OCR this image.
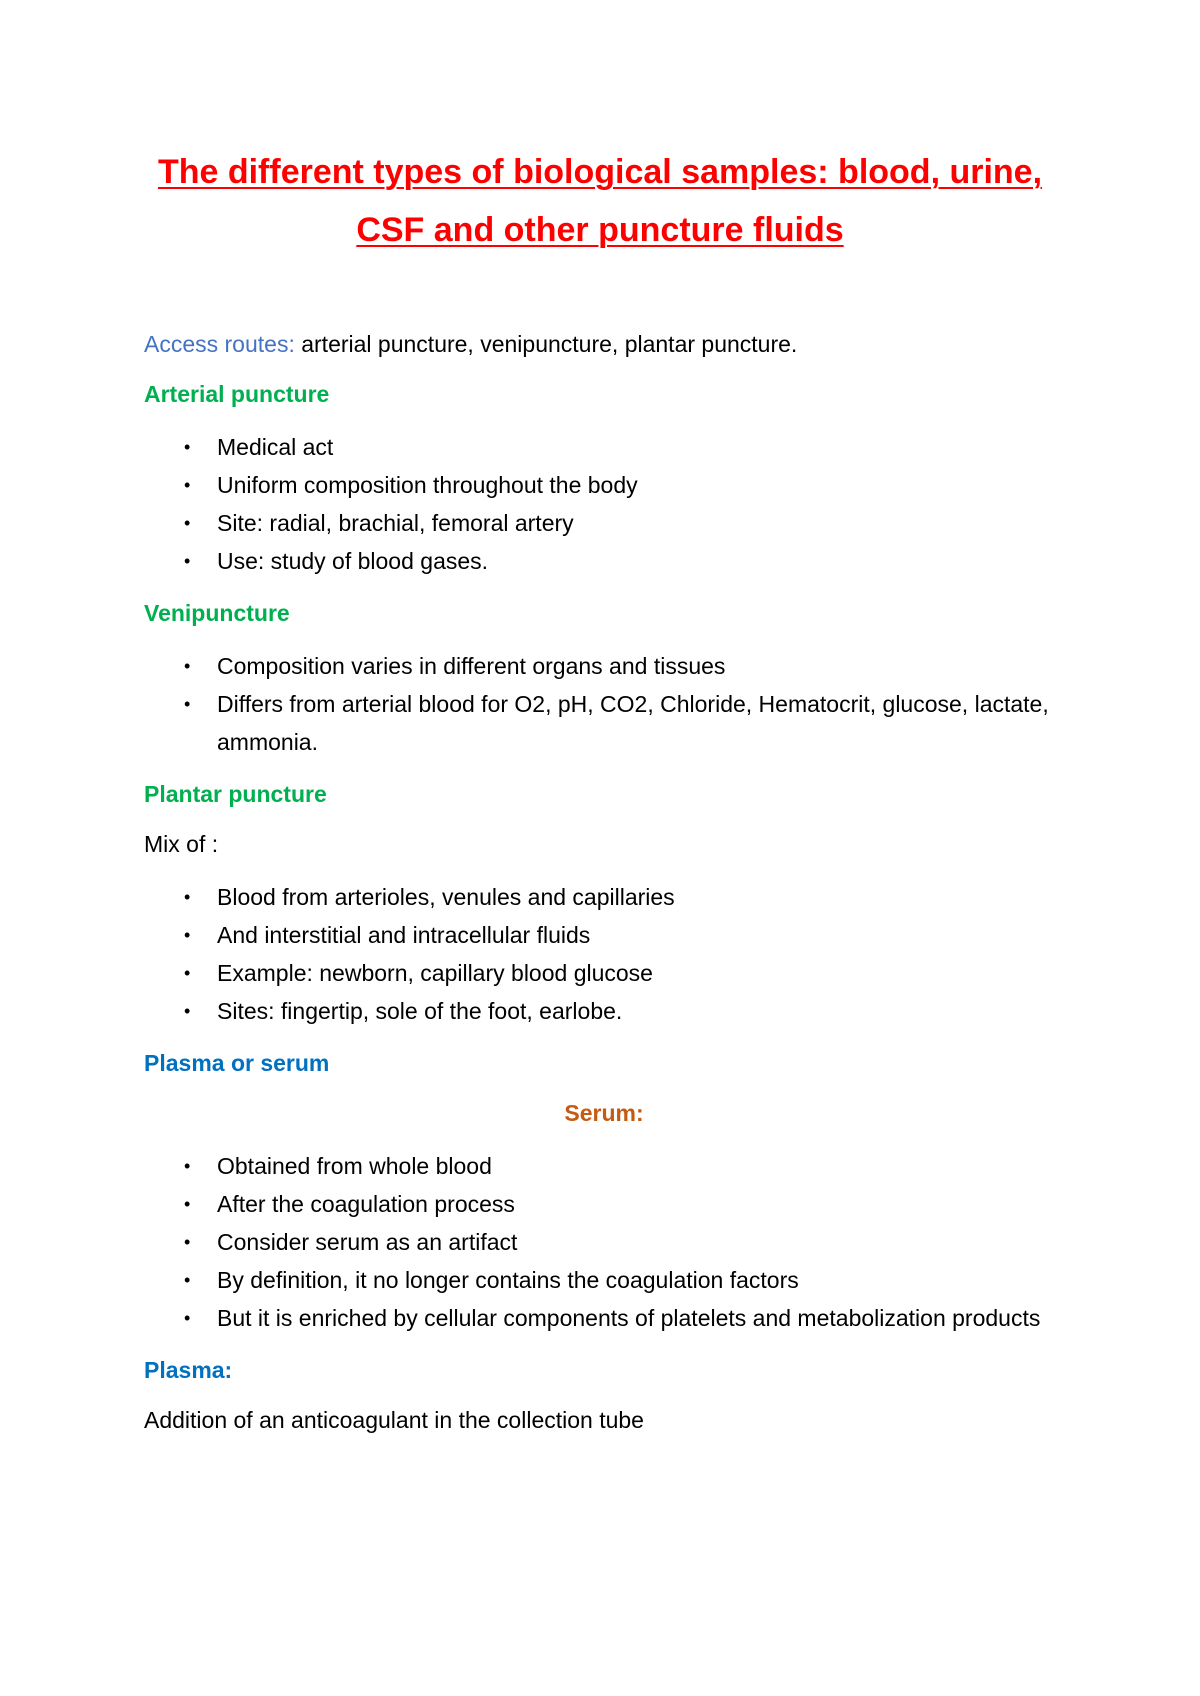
The different types of biological samples: blood, urine, CSF and other puncture fluids

Access routes: arterial puncture, venipuncture, plantar puncture.

Arterial puncture

• Medical act
• Uniform composition throughout the body
• Site: radial, brachial, femoral artery
• Use: study of blood gases.

Venipuncture

• Composition varies in different organs and tissues
• Differs from arterial blood for O2, pH, CO2, Chloride, Hematocrit, glucose, lactate, ammonia.

Plantar puncture

Mix of :

• Blood from arterioles, venules and capillaries
• And interstitial and intracellular fluids
• Example: newborn, capillary blood glucose
• Sites: fingertip, sole of the foot, earlobe.

Plasma or serum

Serum:

• Obtained from whole blood
• After the coagulation process
• Consider serum as an artifact
• By definition, it no longer contains the coagulation factors
• But it is enriched by cellular components of platelets and metabolization products

Plasma:

Addition of an anticoagulant in the collection tube
